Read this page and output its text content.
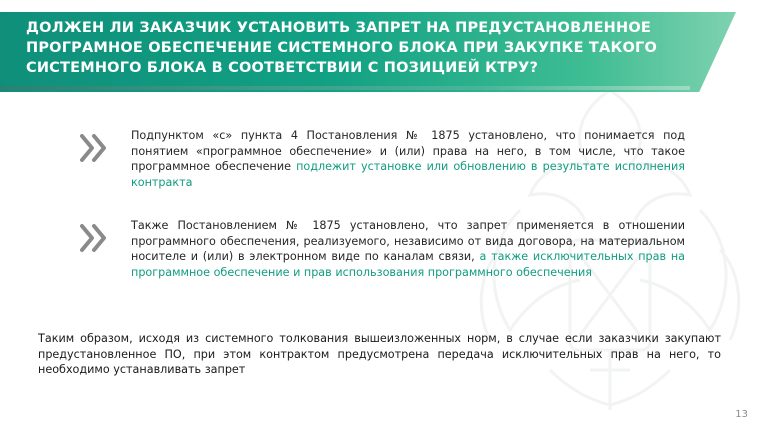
ДОЛЖЕН ЛИ ЗАКАЗЧИК УСТАНОВИТЬ ЗАПРЕТ НА ПРЕДУСТАНОВЛЕННОЕ ПРОГРАМНОЕ ОБЕСПЕЧЕНИЕ СИСТЕМНОГО БЛОКА ПРИ ЗАКУПКЕ ТАКОГО СИСТЕМНОГО БЛОКА В СООТВЕТСТВИИ С ПОЗИЦИЕЙ КТРУ?
Подпунктом «с» пункта 4 Постановления № 1875 установлено, что понимается под понятием «программное обеспечение» и (или) права на него, в том числе, что такое программное обеспечение подлежит установке или обновлению в результате исполнения контракта
Также Постановлением № 1875 установлено, что запрет применяется в отношении программного обеспечения, реализуемого, независимо от вида договора, на материальном носителе и (или) в электронном виде по каналам связи, а также исключительных прав на программное обеспечение и прав использования программного обеспечения
Таким образом, исходя из системного толкования вышеизложенных норм, в случае если заказчики закупают предустановленное ПО, при этом контрактом предусмотрена передача исключительных прав на него, то необходимо устанавливать запрет
13
